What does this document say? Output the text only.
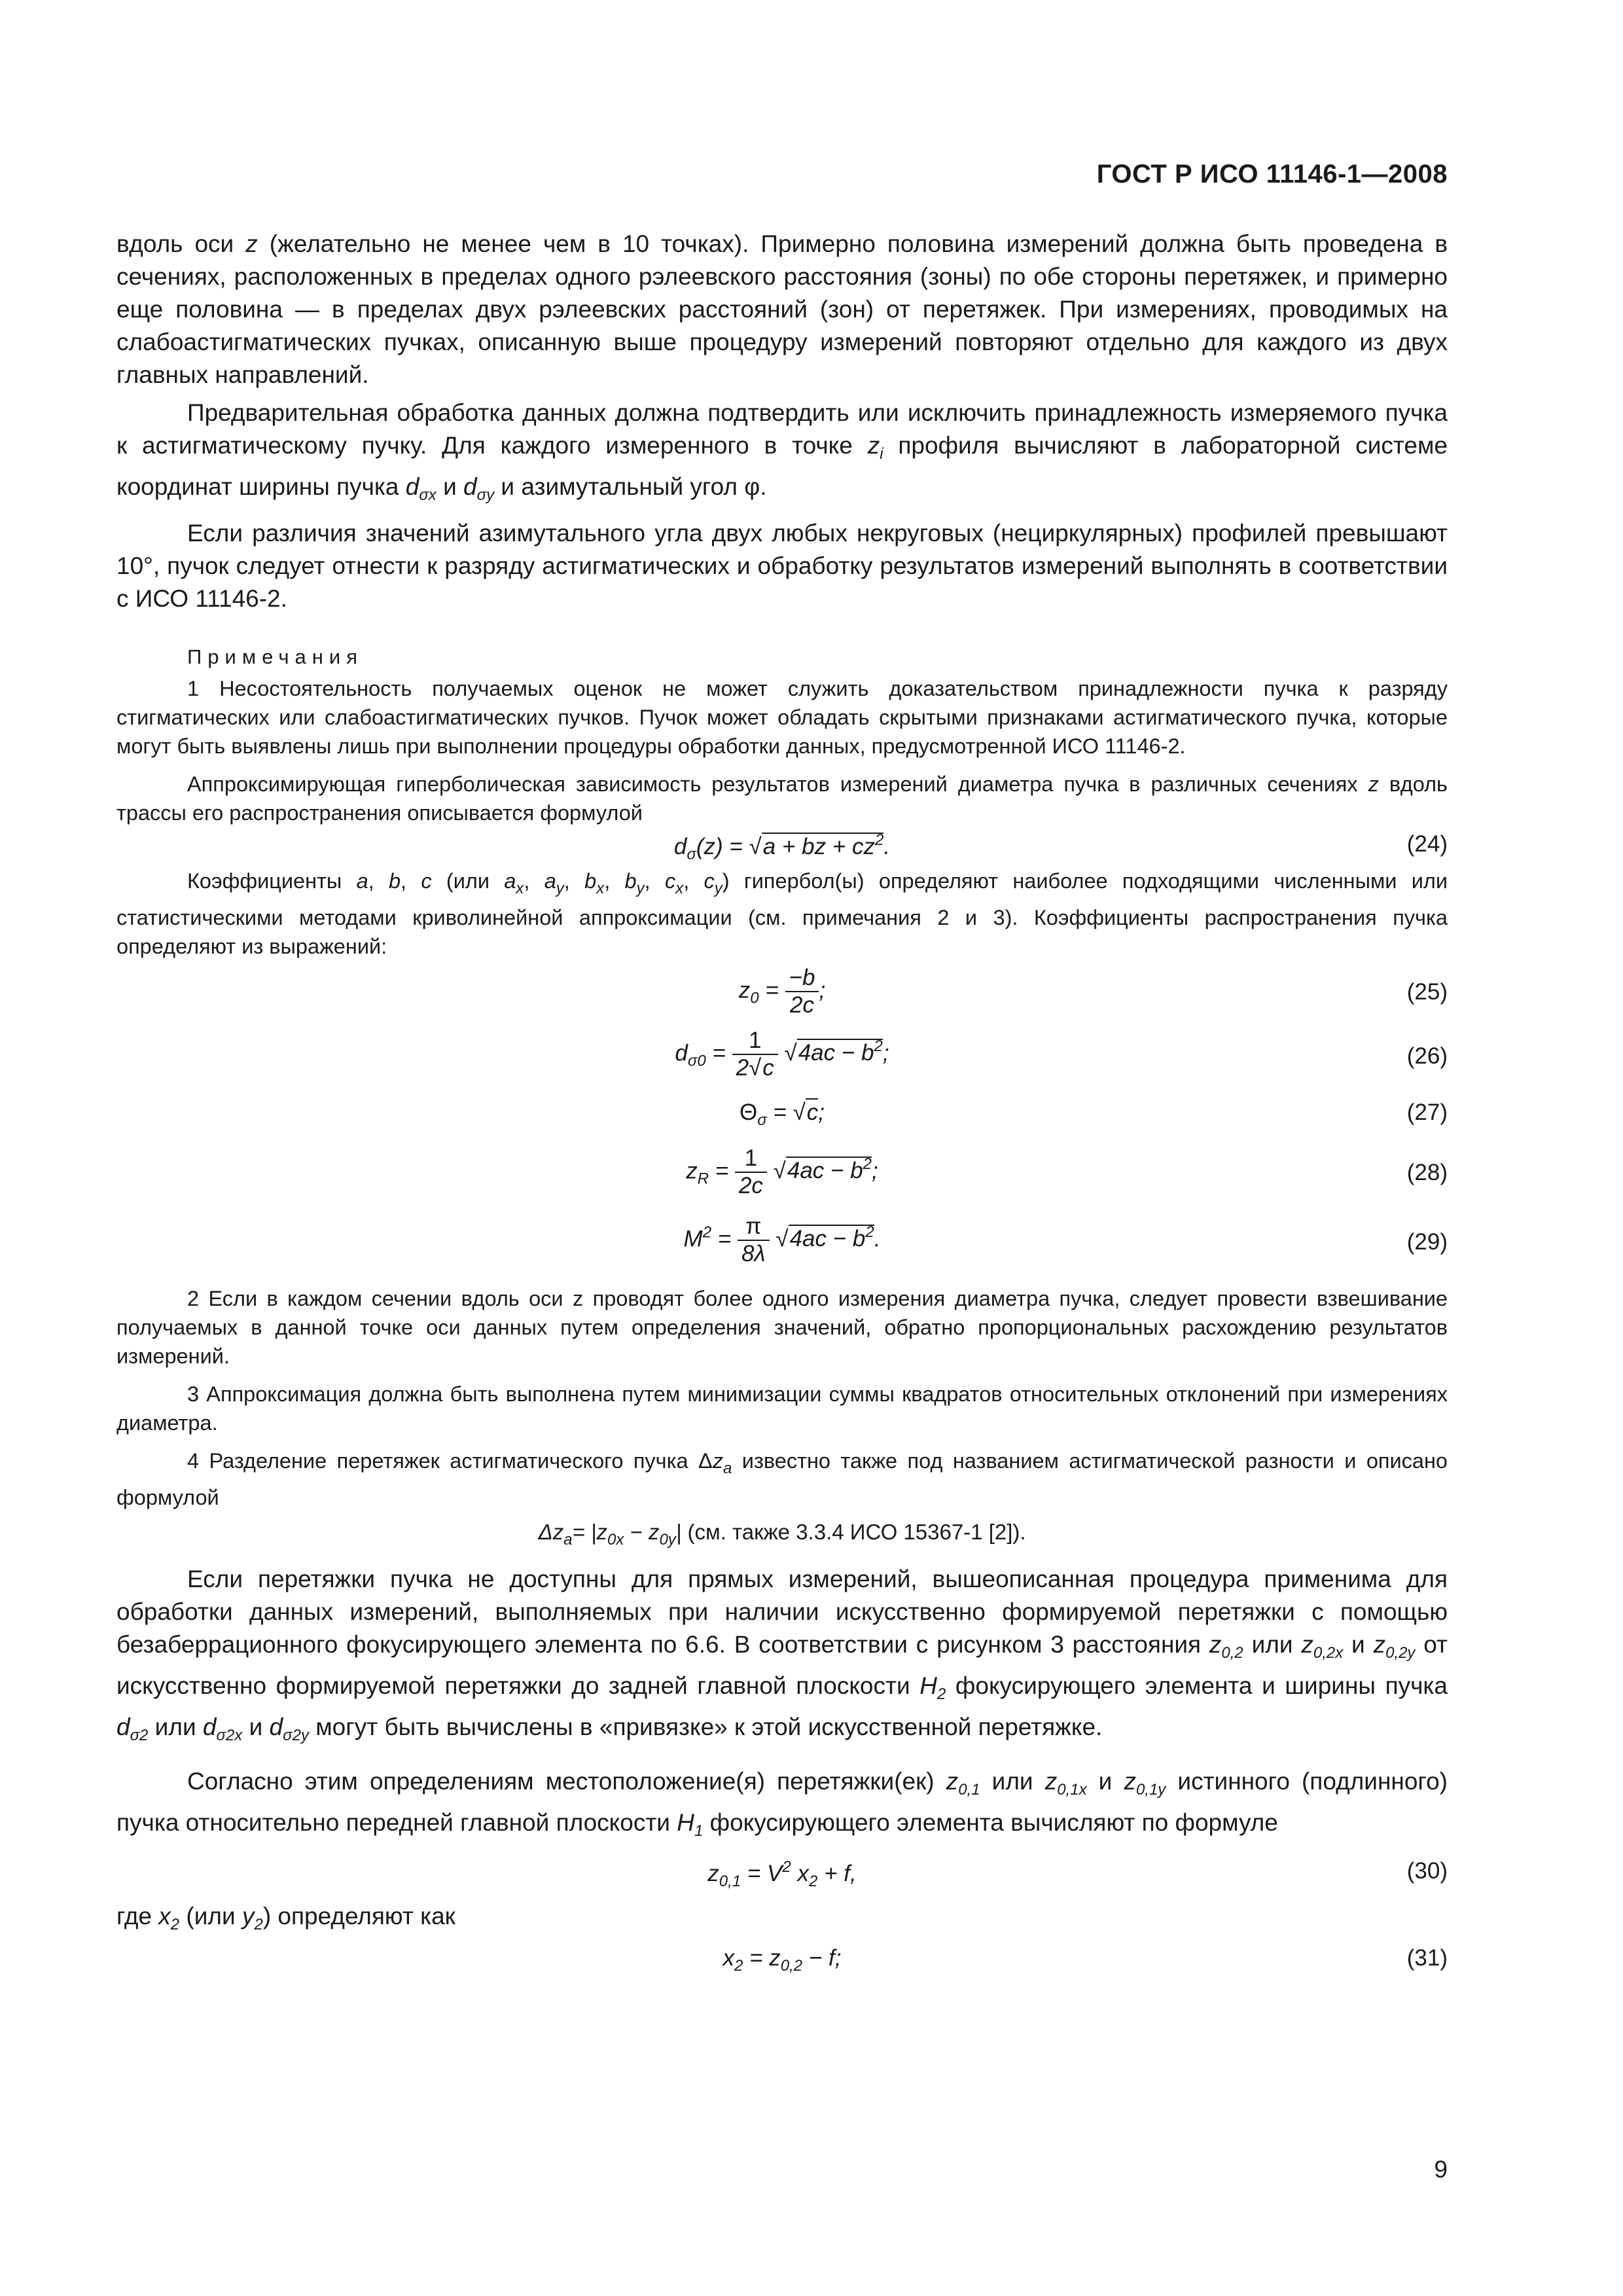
ГОСТ Р ИСО 11146-1—2008

вдоль оси z (желательно не менее чем в 10 точках). Примерно половина измерений должна быть проведена в сечениях, расположенных в пределах одного рэлеевского расстояния (зоны) по обе стороны перетяжек, и примерно еще половина — в пределах двух рэлеевских расстояний (зон) от перетяжек. При измерениях, проводимых на слабоастигматических пучках, описанную выше процедуру измерений повторяют отдельно для каждого из двух главных направлений.

Предварительная обработка данных должна подтвердить или исключить принадлежность измеряемого пучка к астигматическому пучку. Для каждого измеренного в точке $z_i$ профиля вычисляют в лабораторной системе координат ширины пучка $d_{\sigma x}$ и $d_{\sigma y}$ и азимутальный угол φ.

Если различия значений азимутального угла двух любых некруговых (нециркулярных) профилей превышают 10°, пучок следует отнести к разряду астигматических и обработку результатов измерений выполнять в соответствии с ИСО 11146-2.

Примечания

1 Несостоятельность получаемых оценок не может служить доказательством принадлежности пучка к разряду стигматических или слабоастигматических пучков. Пучок может обладать скрытыми признаками астигматического пучка, которые могут быть выявлены лишь при выполнении процедуры обработки данных, предусмотренной ИСО 11146-2.

Аппроксимирующая гиперболическая зависимость результатов измерений диаметра пучка в различных сечениях z вдоль трассы его распространения описывается формулой

$d_\sigma(z) = √a$ + bz + $cz^2$.	(24)

Коэффициенты a, b, c (или $a_x$, $a_y$, $b_x$, $b_y$, $c_x$, $c_y$) гипербол(ы) определяют наиболее подходящими численными или статистическими методами криволинейной аппроксимации (см. примечания 2 и 3). Коэффициенты распространения пучка определяют из выражений:

$z_0 = \frac{-b}{2c}$ ;	(25)
$d_{\sigma 0} = \frac{1}{2√c} √4ac - b^2$;	(26)
$\Theta_\sigma = √c$;	(27)
$z_R = \frac{1}{2c} √4ac - b^2$;	(28)
$M^2 = \frac{\pi}{8\lambda} √4ac - b^2$.	(29)

2 Если в каждом сечении вдоль оси z проводят более одного измерения диаметра пучка, следует провести взвешивание получаемых в данной точке оси данных путем определения значений, обратно пропорциональных расхождению результатов измерений.

3 Аппроксимация должна быть выполнена путем минимизации суммы квадратов относительных отклонений при измерениях диаметра.

4 Разделение перетяжек астигматического пучка $\Delta z_a$ известно также под названием астигматической разности и описано формулой

$\Delta z_a= |z_{0x} - z_{0y}|$ (см. также 3.3.4 ИСО 15367-1 [2]).

Если перетяжки пучка не доступны для прямых измерений, вышеописанная процедура применима для обработки данных измерений, выполняемых при наличии искусственно формируемой перетяжки с помощью безаберрационного фокусирующего элемента по 6.6. В соответствии с рисунком 3 расстояния $z_{0,2}$ или $z_{0,2x}$ и $z_{0,2y}$ от искусственно формируемой перетяжки до задней главной плоскости $H_2$ фокусирующего элемента и ширины пучка $d_{\sigma 2}$ или $d_{\sigma 2x}$ и $d_{\sigma 2y}$ могут быть вычислены в «привязке» к этой искусственной перетяжке.

Согласно этим определениям местоположение(я) перетяжки(ек) $z_{0,1}$ или $z_{0,1x}$ и $z_{0,1y}$ истинного (подлинного) пучка относительно передней главной плоскости $H_1$ фокусирующего элемента вычисляют по формуле

$z_{0,1} = V^2$ $x_2 + f$,	(30)

где $x_2$ (или $y_2$) определяют как

$x_2 = z_{0,2} - f$;	(31)
9
